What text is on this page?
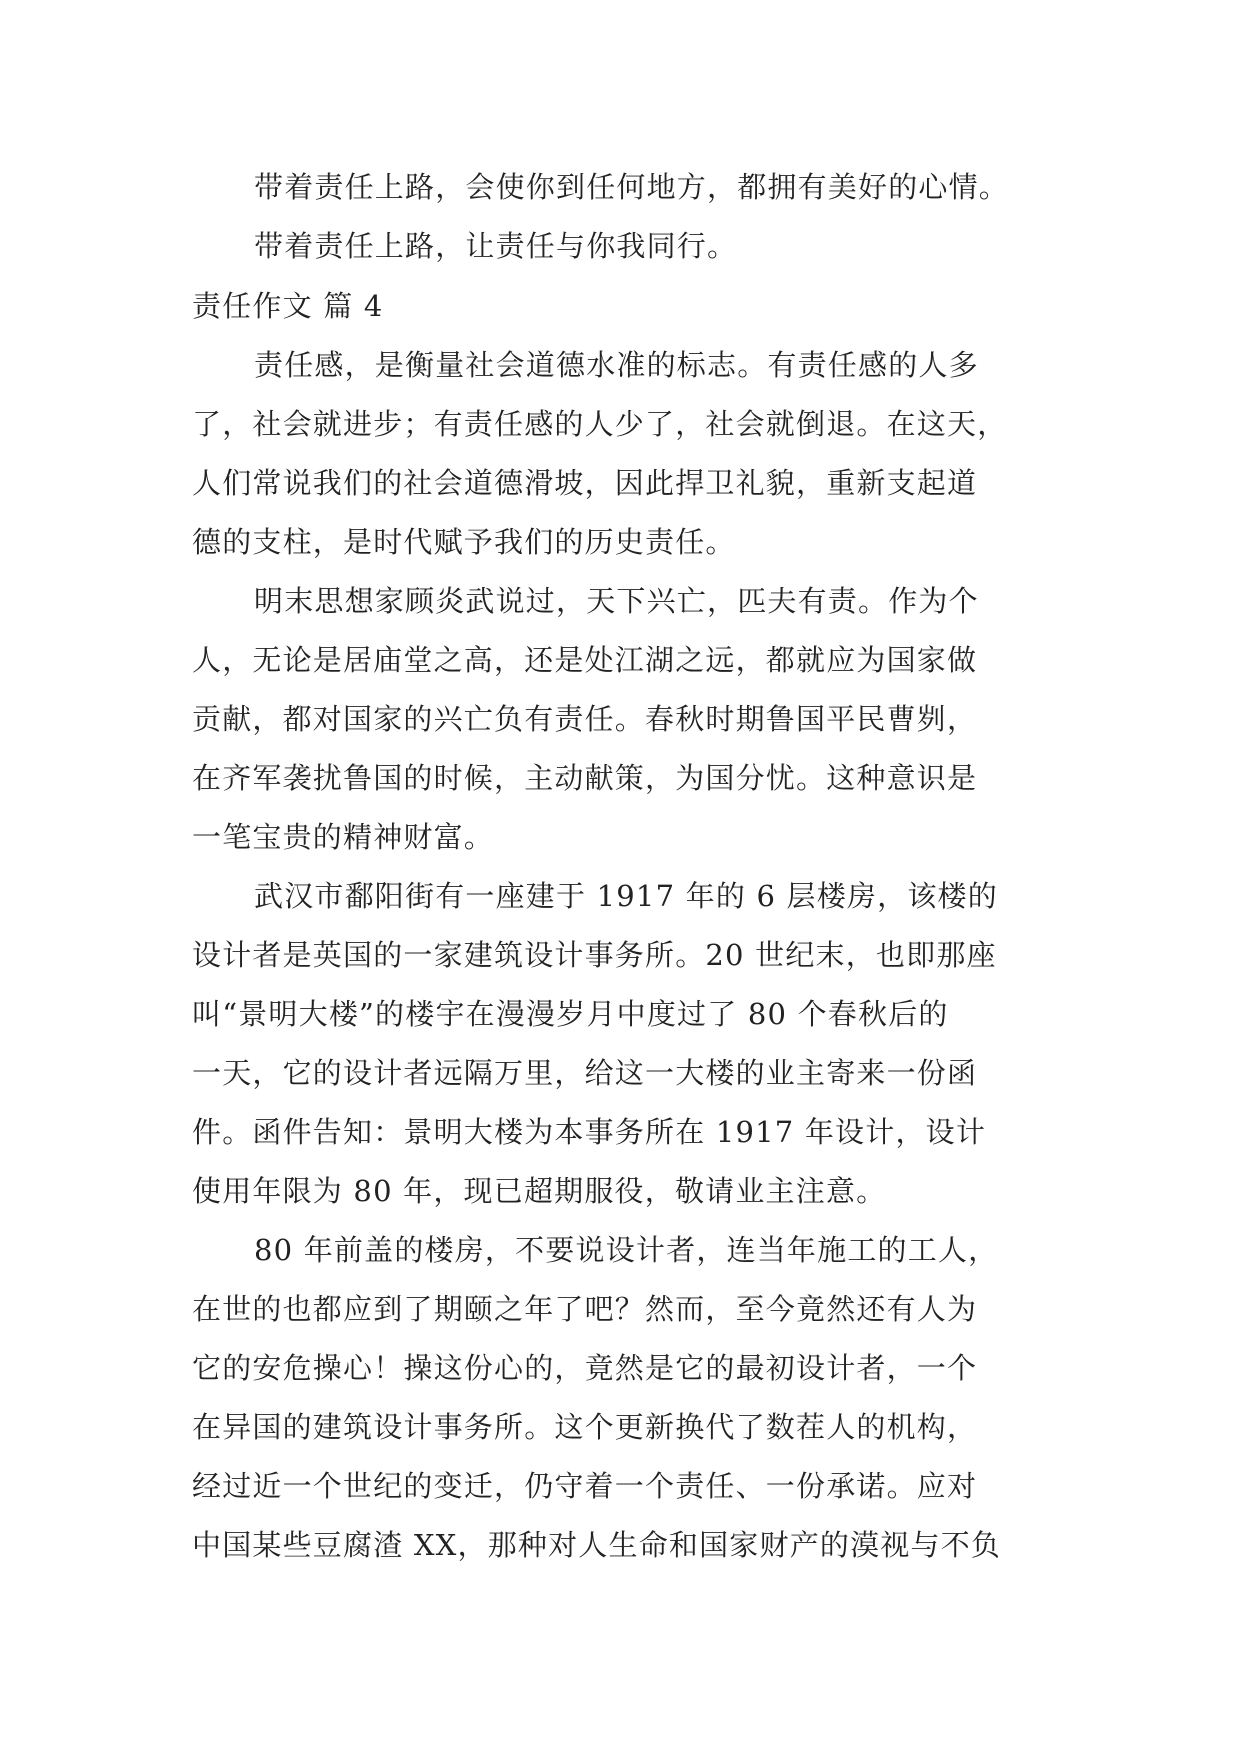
带着责任上路，会使你到任何地方，都拥有美好的心情。
带着责任上路，让责任与你我同行。
责任作文 篇 4
责任感，是衡量社会道德水准的标志。有责任感的人多
了，社会就进步；有责任感的人少了，社会就倒退。在这天，
人们常说我们的社会道德滑坡，因此捍卫礼貌，重新支起道
德的支柱，是时代赋予我们的历史责任。
明末思想家顾炎武说过，天下兴亡，匹夫有责。作为个
人，无论是居庙堂之高，还是处江湖之远，都就应为国家做
贡献，都对国家的兴亡负有责任。春秋时期鲁国平民曹刿，
在齐军袭扰鲁国的时候，主动献策，为国分忧。这种意识是
一笔宝贵的精神财富。
武汉市鄱阳街有一座建于 1917 年的 6 层楼房，该楼的
设计者是英国的一家建筑设计事务所。20 世纪末，也即那座
叫“景明大楼”的楼宇在漫漫岁月中度过了 80 个春秋后的
一天，它的设计者远隔万里，给这一大楼的业主寄来一份函
件。函件告知：景明大楼为本事务所在 1917 年设计，设计
使用年限为 80 年，现已超期服役，敬请业主注意。
80 年前盖的楼房，不要说设计者，连当年施工的工人，
在世的也都应到了期颐之年了吧？然而，至今竟然还有人为
它的安危操心！操这份心的，竟然是它的最初设计者，一个
在异国的建筑设计事务所。这个更新换代了数茬人的机构，
经过近一个世纪的变迁，仍守着一个责任、一份承诺。应对
中国某些豆腐渣 XX，那种对人生命和国家财产的漠视与不负
